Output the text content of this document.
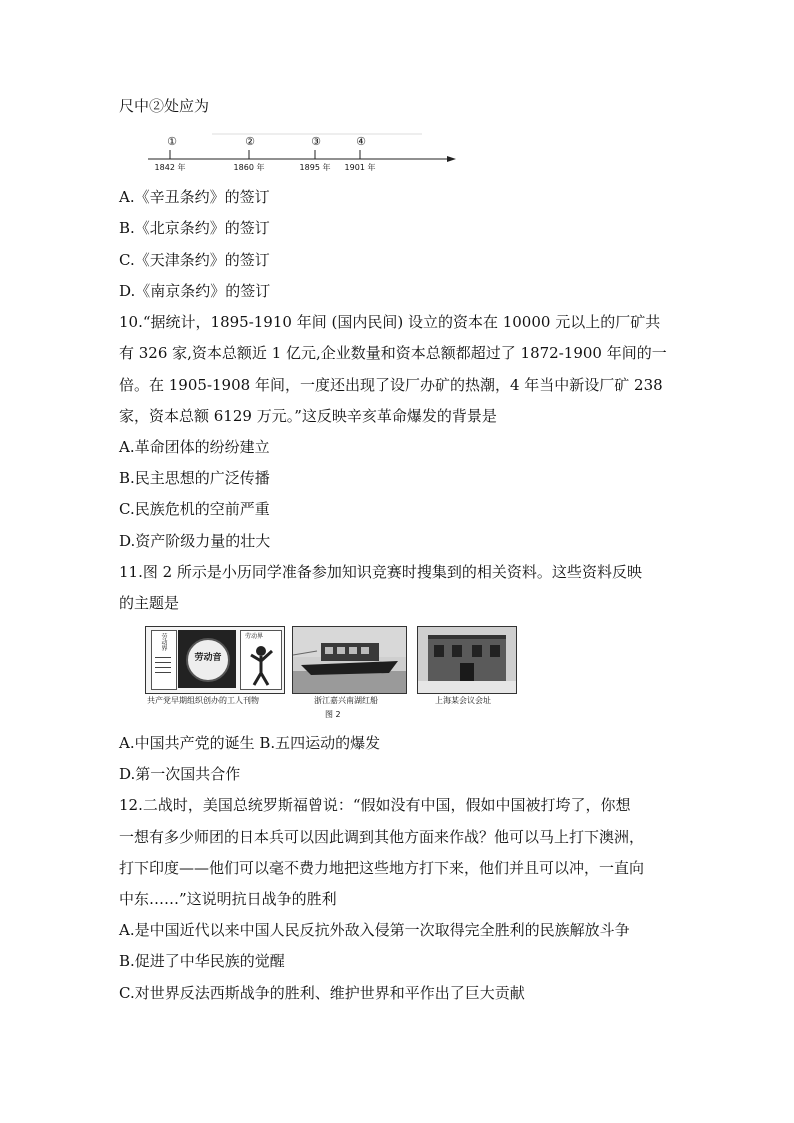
尺中②处应为

①	②	③	④
1842 年	1860 年	1895 年 1901 年

A.《辛丑条约》的签订

B.《北京条约》的签订

C.《天津条约》的签订

D.《南京条约》的签订

10.“据统计，1895-1910 年间 (国内民间) 设立的资本在 10000 元以上的厂矿共

有 326 家,资本总额近 1 亿元,企业数量和资本总额都超过了 1872-1900 年间的一

倍。在 1905-1908 年间，一度还出现了设厂办矿的热潮，4 年当中新设厂矿 238

家，资本总额 6129 万元。”这反映辛亥革命爆发的背景是

A.革命团体的纷纷建立

B.民主思想的广泛传播

C.民族危机的空前严重

D.资产阶级力量的壮大

11.图 2 所示是小历同学准备参加知识竞赛时搜集到的相关资料。这些资料反映

的主题是

劳动界
劳动音
劳动界
共产党早期组织创办的工人刊物	浙江嘉兴南湖红船	上海某会议会址
图 2

A.中国共产党的诞生 B.五四运动的爆发

D.第一次国共合作

12.二战时，美国总统罗斯福曾说：“假如没有中国，假如中国被打垮了，你想

一想有多少师团的日本兵可以因此调到其他方面来作战？他可以马上打下澳洲，

打下印度——他们可以毫不费力地把这些地方打下来，他们并且可以冲，一直向

中东……”这说明抗日战争的胜利

A.是中国近代以来中国人民反抗外敌入侵第一次取得完全胜利的民族解放斗争

B.促进了中华民族的觉醒

C.对世界反法西斯战争的胜利、维护世界和平作出了巨大贡献
